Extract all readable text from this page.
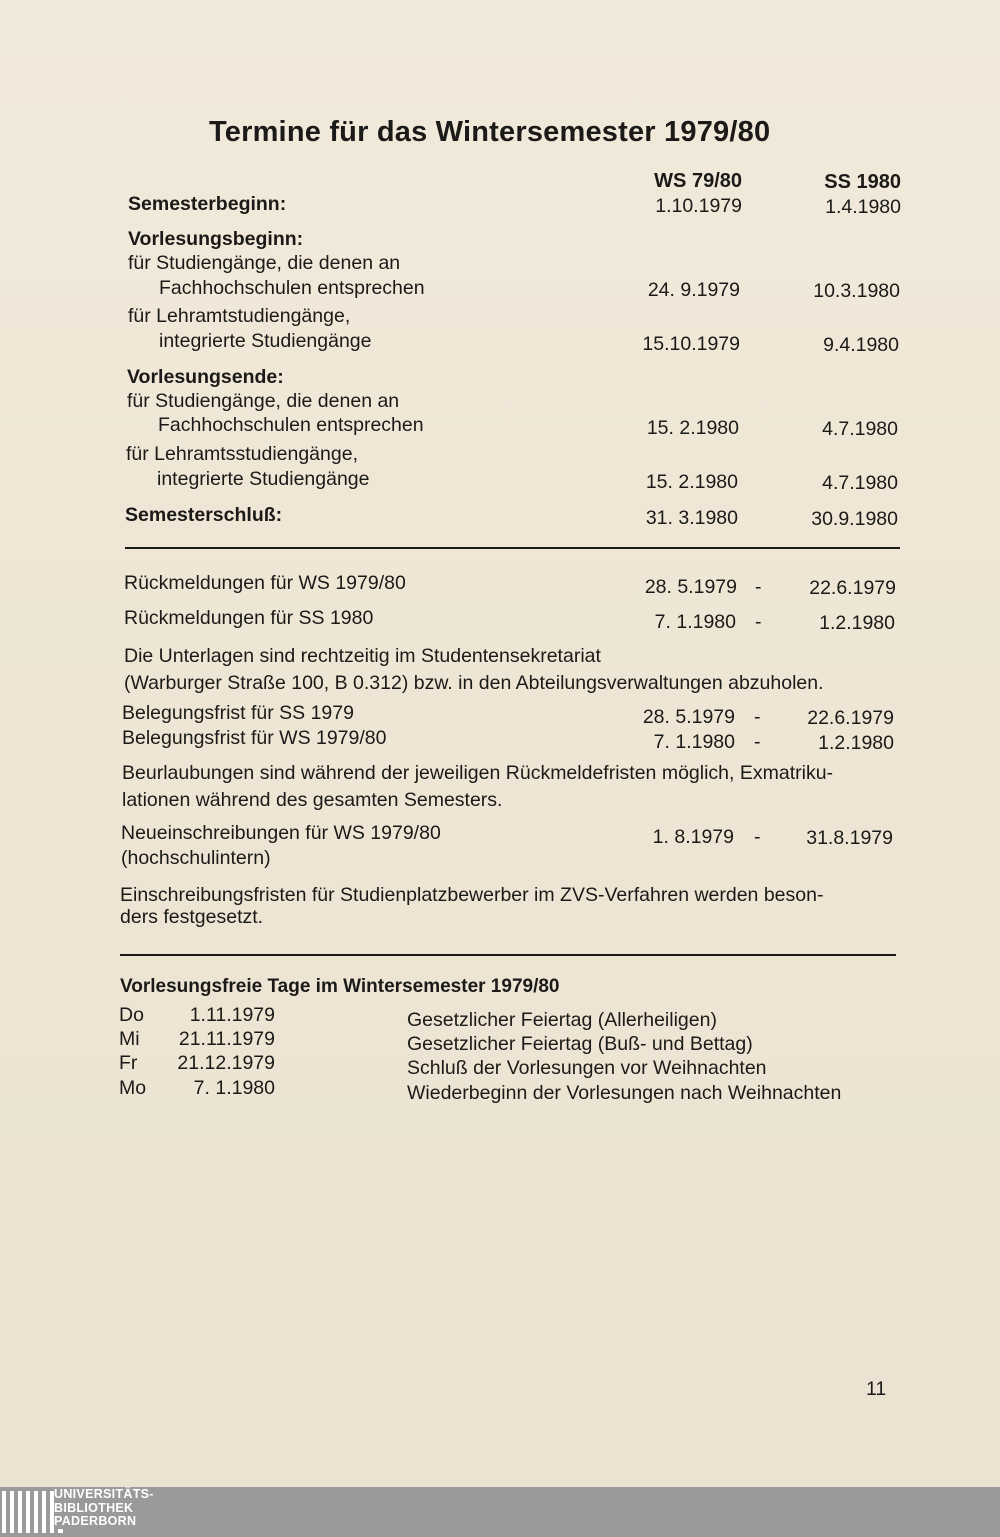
Termine für das Wintersemester 1979/80
WS 79/80	SS 1980
Semesterbeginn:	1.10.1979	1.4.1980
Vorlesungsbeginn:
für Studiengänge, die denen an
Fachhochschulen entsprechen	24. 9.1979	10.3.1980
für Lehramtstudiengänge,
integrierte Studiengänge	15.10.1979	9.4.1980
Vorlesungsende:
für Studiengänge, die denen an
Fachhochschulen entsprechen	15. 2.1980	4.7.1980
für Lehramtsstudiengänge,
integrierte Studiengänge	15. 2.1980	4.7.1980
Semesterschluß:	31. 3.1980	30.9.1980
Rückmeldungen für WS 1979/80	28. 5.1979 -	22.6.1979
Rückmeldungen für SS 1980	7. 1.1980 -	1.2.1980
Die Unterlagen sind rechtzeitig im Studentensekretariat
(Warburger Straße 100, B 0.312) bzw. in den Abteilungsverwaltungen abzuholen.
Belegungsfrist für SS 1979	28. 5.1979 -	22.6.1979
Belegungsfrist für WS 1979/80	7. 1.1980 -	1.2.1980
Beurlaubungen sind während der jeweiligen Rückmeldefristen möglich, Exmatriku-
lationen während des gesamten Semesters.
Neueinschreibungen für WS 1979/80
(hochschulintern)
1. 8.1979 -	31.8.1979
Einschreibungsfristen für Studienplatzbewerber im ZVS-Verfahren werden beson-
ders festgesetzt.
Vorlesungsfreie Tage im Wintersemester 1979/80
Do	1.11.1979	Gesetzlicher Feiertag (Allerheiligen)
Mi	21.11.1979	Gesetzlicher Feiertag (Buß- und Bettag)
Fr	21.12.1979	Schluß der Vorlesungen vor Weihnachten
Mo	7. 1.1980	Wiederbeginn der Vorlesungen nach Weihnachten
11
UNIVERSITÄTS-
BIBLIOTHEK
PADERBORN
